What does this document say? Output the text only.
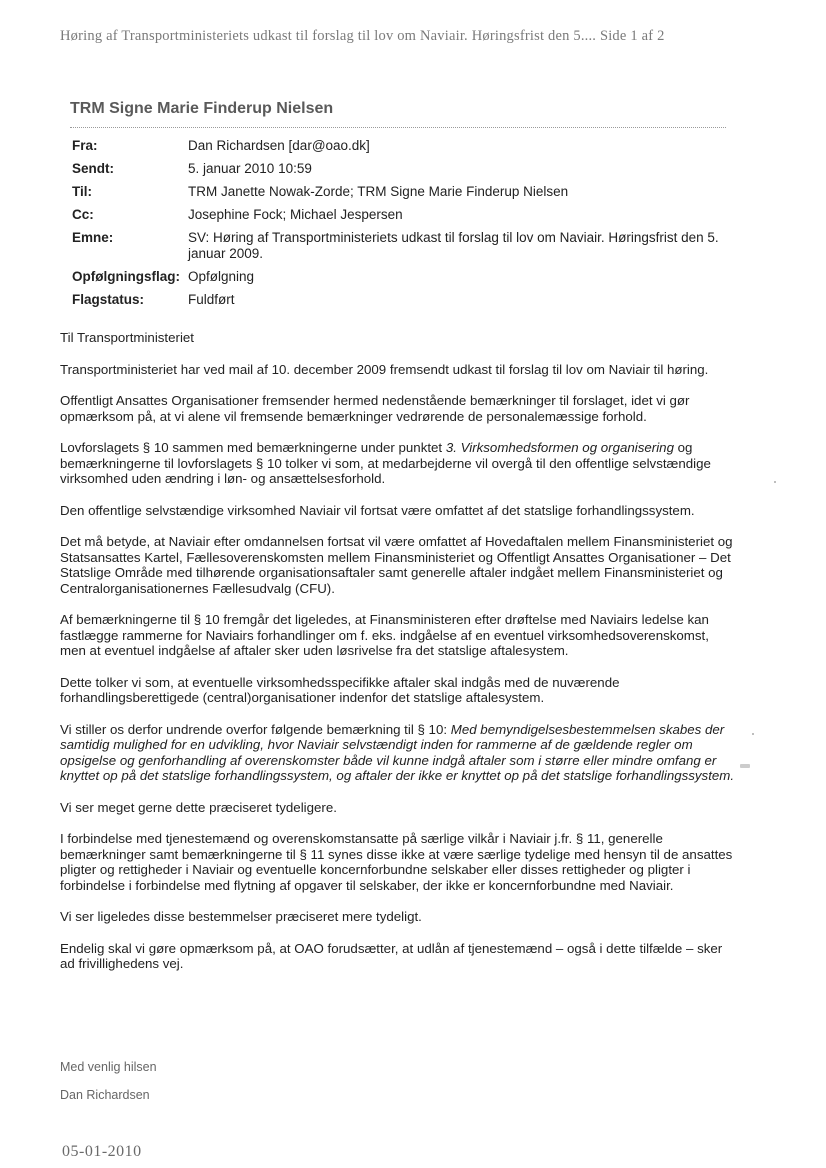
Høring af Transportministeriets udkast til forslag til lov om Naviair. Høringsfrist den 5.... Side 1 af 2
TRM Signe Marie Finderup Nielsen
Fra:	Dan Richardsen [dar@oao.dk]
Sendt:	5. januar 2010 10:59
Til:	TRM Janette Nowak-Zorde; TRM Signe Marie Finderup Nielsen
Cc:	Josephine Fock; Michael Jespersen
Emne:	SV: Høring af Transportministeriets udkast til forslag til lov om Naviair. Høringsfrist den 5. januar 2009.
Opfølgningsflag: Opfølgning
Flagstatus:	Fuldført

Til Transportministeriet

Transportministeriet har ved mail af 10. december 2009 fremsendt udkast til forslag til lov om Naviair til høring.

Offentligt Ansattes Organisationer fremsender hermed nedenstående bemærkninger til forslaget, idet vi gør opmærksom på, at vi alene vil fremsende bemærkninger vedrørende de personalemæssige forhold.

Lovforslagets § 10 sammen med bemærkningerne under punktet 3. Virksomhedsformen og organisering og bemærkningerne til lovforslagets § 10 tolker vi som, at medarbejderne vil overgå til den offentlige selvstændige virksomhed uden ændring i løn- og ansættelsesforhold.

Den offentlige selvstændige virksomhed Naviair vil fortsat være omfattet af det statslige forhandlingssystem.

Det må betyde, at Naviair efter omdannelsen fortsat vil være omfattet af Hovedaftalen mellem Finansministeriet og Statsansattes Kartel, Fællesoverenskomsten mellem Finansministeriet og Offentligt Ansattes Organisationer – Det Statslige Område med tilhørende organisationsaftaler samt generelle aftaler indgået mellem Finansministeriet og Centralorganisationernes Fællesudvalg (CFU).

Af bemærkningerne til § 10 fremgår det ligeledes, at Finansministeren efter drøftelse med Naviairs ledelse kan fastlægge rammerne for Naviairs forhandlinger om f. eks. indgåelse af en eventuel virksomhedsoverenskomst, men at eventuel indgåelse af aftaler sker uden løsrivelse fra det statslige aftalesystem.

Dette tolker vi som, at eventuelle virksomhedsspecifikke aftaler skal indgås med de nuværende forhandlingsberettigede (central)organisationer indenfor det statslige aftalesystem.

Vi stiller os derfor undrende overfor følgende bemærkning til § 10: Med bemyndigelsesbestemmelsen skabes der samtidig mulighed for en udvikling, hvor Naviair selvstændigt inden for rammerne af de gældende regler om opsigelse og genforhandling af overenskomster både vil kunne indgå aftaler som i større eller mindre omfang er knyttet op på det statslige forhandlingssystem, og aftaler der ikke er knyttet op på det statslige forhandlingssystem.

Vi ser meget gerne dette præciseret tydeligere.

I forbindelse med tjenestemænd og overenskomstansatte på særlige vilkår i Naviair j.fr. § 11, generelle bemærkninger samt bemærkningerne til § 11 synes disse ikke at være særlige tydelige med hensyn til de ansattes pligter og rettigheder i Naviair og eventuelle koncernforbundne selskaber eller disses rettigheder og pligter i forbindelse i forbindelse med flytning af opgaver til selskaber, der ikke er koncernforbundne med Naviair.

Vi ser ligeledes disse bestemmelser præciseret mere tydeligt.

Endelig skal vi gøre opmærksom på, at OAO forudsætter, at udlån af tjenestemænd – også i dette tilfælde – sker ad frivillighedens vej.

Med venlig hilsen
Dan Richardsen
05-01-2010
